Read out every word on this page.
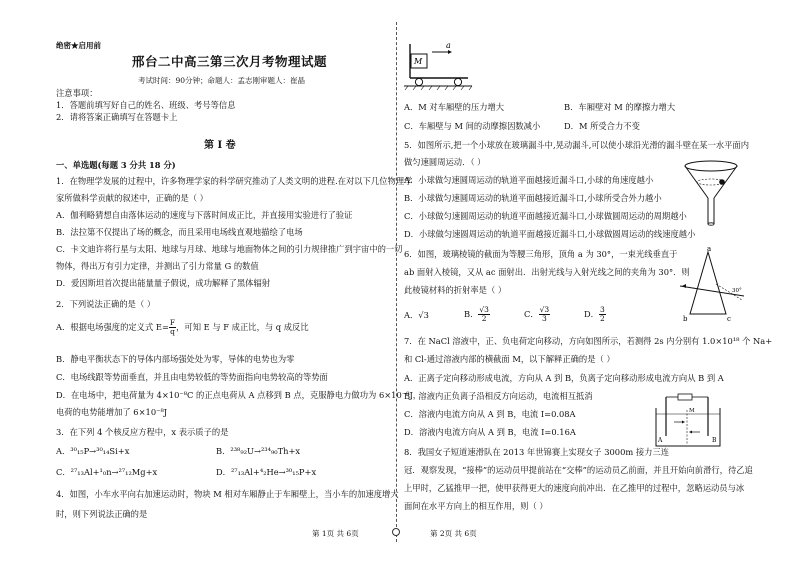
绝密★启用前
邢台二中高三第三次月考物理试题
考试时间：90分钟；命题人：孟志刚审题人：崔晶
注意事项：
1．答题前填写好自己的姓名、班级、考号等信息
2．请将答案正确填写在答题卡上
第 I 卷
一、单选题(每题 3 分共 18 分)
1．在物理学发展的过程中，许多物理学家的科学研究推动了人类文明的进程.在对以下几位物理学
家所做科学贡献的叙述中，正确的是（ ）
A．伽利略猜想自由落体运动的速度与下落时间成正比，并直接用实验进行了验证
B．法拉第不仅提出了场的概念，而且采用电场线直观地描绘了电场
C．卡文迪许将行星与太阳、地球与月球、地球与地面物体之间的引力规律推广到宇宙中的一切
物体，得出万有引力定律，并测出了引力常量 G 的数值
D．爱因斯坦首次提出能量量子假说，成功解释了黑体辐射
2．下列说法正确的是（ ）
A．根据电场强度的定义式 $E= \frac{F}{q}$ ，可知 E 与 F 成正比，与 q 成反比
B．静电平衡状态下的导体内部场强处处为零，导体的电势也为零
C．电场线跟等势面垂直，并且由电势较低的等势面指向电势较高的等势面
D．在电场中，把电荷量为 4×10⁻⁸C 的正点电荷从 A 点移到 B 点，克服静电力做功为 6×10⁻⁸J，
电荷的电势能增加了 6×10⁻⁸J
3．在下列 4 个核反应方程中，x 表示质子的是
A．³⁰₁₅P→³⁰₁₄Si+x	B．²³⁸₉₂U→²³⁴₉₀Th+x
C．²⁷₁₃Al+¹₀n→²⁷₁₂Mg+x	D．²⁷₁₃Al+⁴₂He→³⁰₁₅P+x
4．如图，小车水平向右加速运动时，物块 M 相对车厢静止于车厢壁上，当小车的加速度增大
时，则下列说法正确的是
第 1页 共 6页
M
a
A．M 对车厢壁的压力增大	B．车厢壁对 M 的摩擦力增大
C．车厢壁与 M 间的动摩擦因数减小	D．M 所受合力不变
5．如图所示,把一个小球放在玻璃漏斗中,晃动漏斗,可以使小球沿光滑的漏斗壁在某一水平面内
做匀速圆周运动．（ ）
A．小球做匀速圆周运动的轨道平面越接近漏斗口,小球的角速度越小
B．小球做匀速圆周运动的轨道平面越接近漏斗口,小球所受合外力越小
C．小球做匀速圆周运动的轨道平面越接近漏斗口,小球做圆周运动的周期越小
D．小球做匀速圆周运动的轨道平面越接近漏斗口,小球做圆周运动的线速度越小
6．如图，玻璃棱镜的截面为等腰三角形，顶角 a 为 30°，一束光线垂直于
ab 面射入棱镜，又从 ac 面射出．出射光线与入射光线之间的夹角为 30°．则
此棱镜材料的折射率是（ ）
A．√3	B． $\frac{√3}{2}$	C． $\frac{√3}{3}$	D． $\frac{3}{2}$
a
b	c
30°
7．在 NaCl 溶液中，正、负电荷定向移动，方向如图所示，若测得 2s 内分别有 1.0×10¹⁸ 个 Na+
和 Cl-通过溶液内部的横截面 M，以下解释正确的是（ ）
A．正离子定向移动形成电流，方向从 A 到 B，负离子定向移动形成电流方向从 B 到 A
B．溶液内正负离子沿相反方向运动，电流相互抵消
C．溶液内电流方向从 A 到 B，电流 I=0.08A
D．溶液内电流方向从 A 到 B，电流 I=0.16A
A	B
M
8．我国女子短道速滑队在 2013 年世锦赛上实现女子 3000m 接力三连
冠．观察发现，“接棒”的运动员甲提前站在“交棒”的运动员乙前面，并且开始向前滑行，待乙追
上甲时，乙猛推甲一把，使甲获得更大的速度向前冲出．在乙推甲的过程中，忽略运动员与冰
面间在水平方向上的相互作用，则（ ）
第 2页 共 6页
